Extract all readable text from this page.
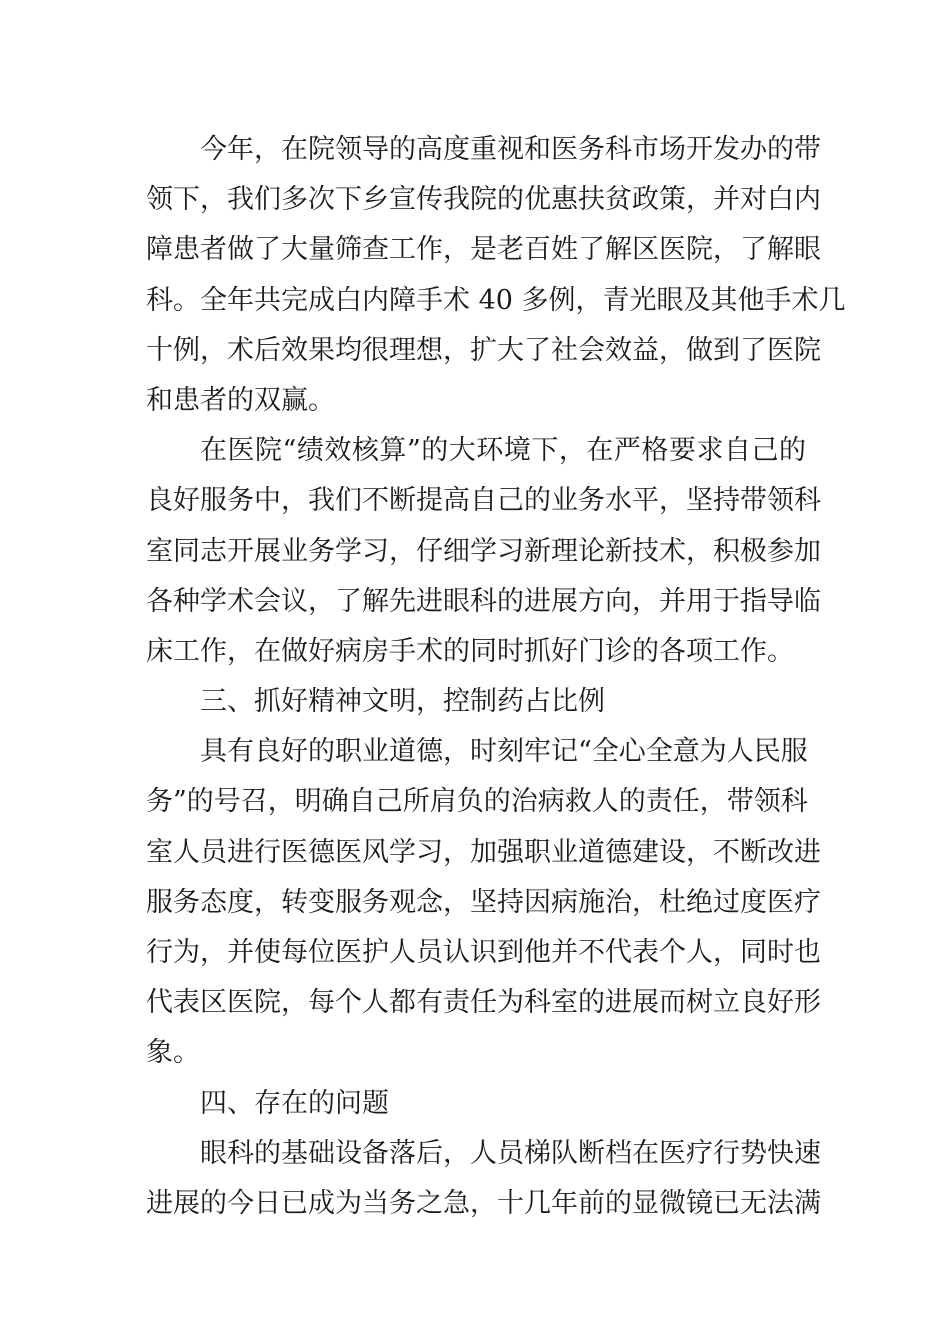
今年，在院领导的高度重视和医务科市场开发办的带
领下，我们多次下乡宣传我院的优惠扶贫政策，并对白内
障患者做了大量筛查工作，是老百姓了解区医院，了解眼
科。全年共完成白内障手术 40 多例，青光眼及其他手术几
十例，术后效果均很理想，扩大了社会效益，做到了医院
和患者的双赢。
在医院“绩效核算”的大环境下，在严格要求自己的
良好服务中，我们不断提高自己的业务水平，坚持带领科
室同志开展业务学习，仔细学习新理论新技术，积极参加
各种学术会议，了解先进眼科的进展方向，并用于指导临
床工作，在做好病房手术的同时抓好门诊的各项工作。
三、抓好精神文明，控制药占比例
具有良好的职业道德，时刻牢记“全心全意为人民服
务”的号召，明确自己所肩负的治病救人的责任，带领科
室人员进行医德医风学习，加强职业道德建设，不断改进
服务态度，转变服务观念，坚持因病施治，杜绝过度医疗
行为，并使每位医护人员认识到他并不代表个人，同时也
代表区医院，每个人都有责任为科室的进展而树立良好形
象。
四、存在的问题
眼科的基础设备落后，人员梯队断档在医疗行势快速
进展的今日已成为当务之急，十几年前的显微镜已无法满
